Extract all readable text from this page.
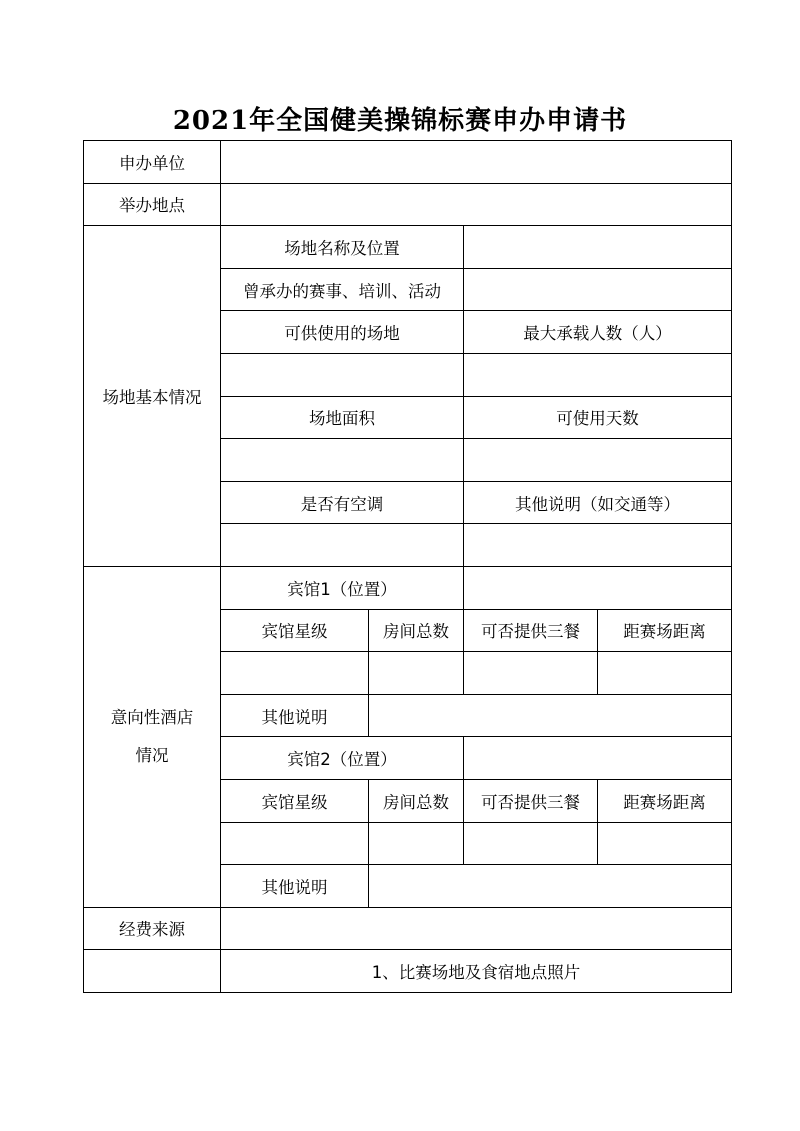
2021年全国健美操锦标赛申办申请书
申办单位				
举办地点				
场地基本情况	场地名称及位置			
	曾承办的赛事、培训、活动			
	可供使用的场地		最大承载人数（人）	

	场地面积		可使用天数	

	是否有空调		其他说明（如交通等）	

意向性酒店
情况	宾馆1（位置）			
	宾馆星级	房间总数	可否提供三餐	距赛场距离

	其他说明			
	宾馆2（位置）			
	宾馆星级	房间总数	可否提供三餐	距赛场距离

	其他说明			
经费来源				
	1、比赛场地及食宿地点照片			
